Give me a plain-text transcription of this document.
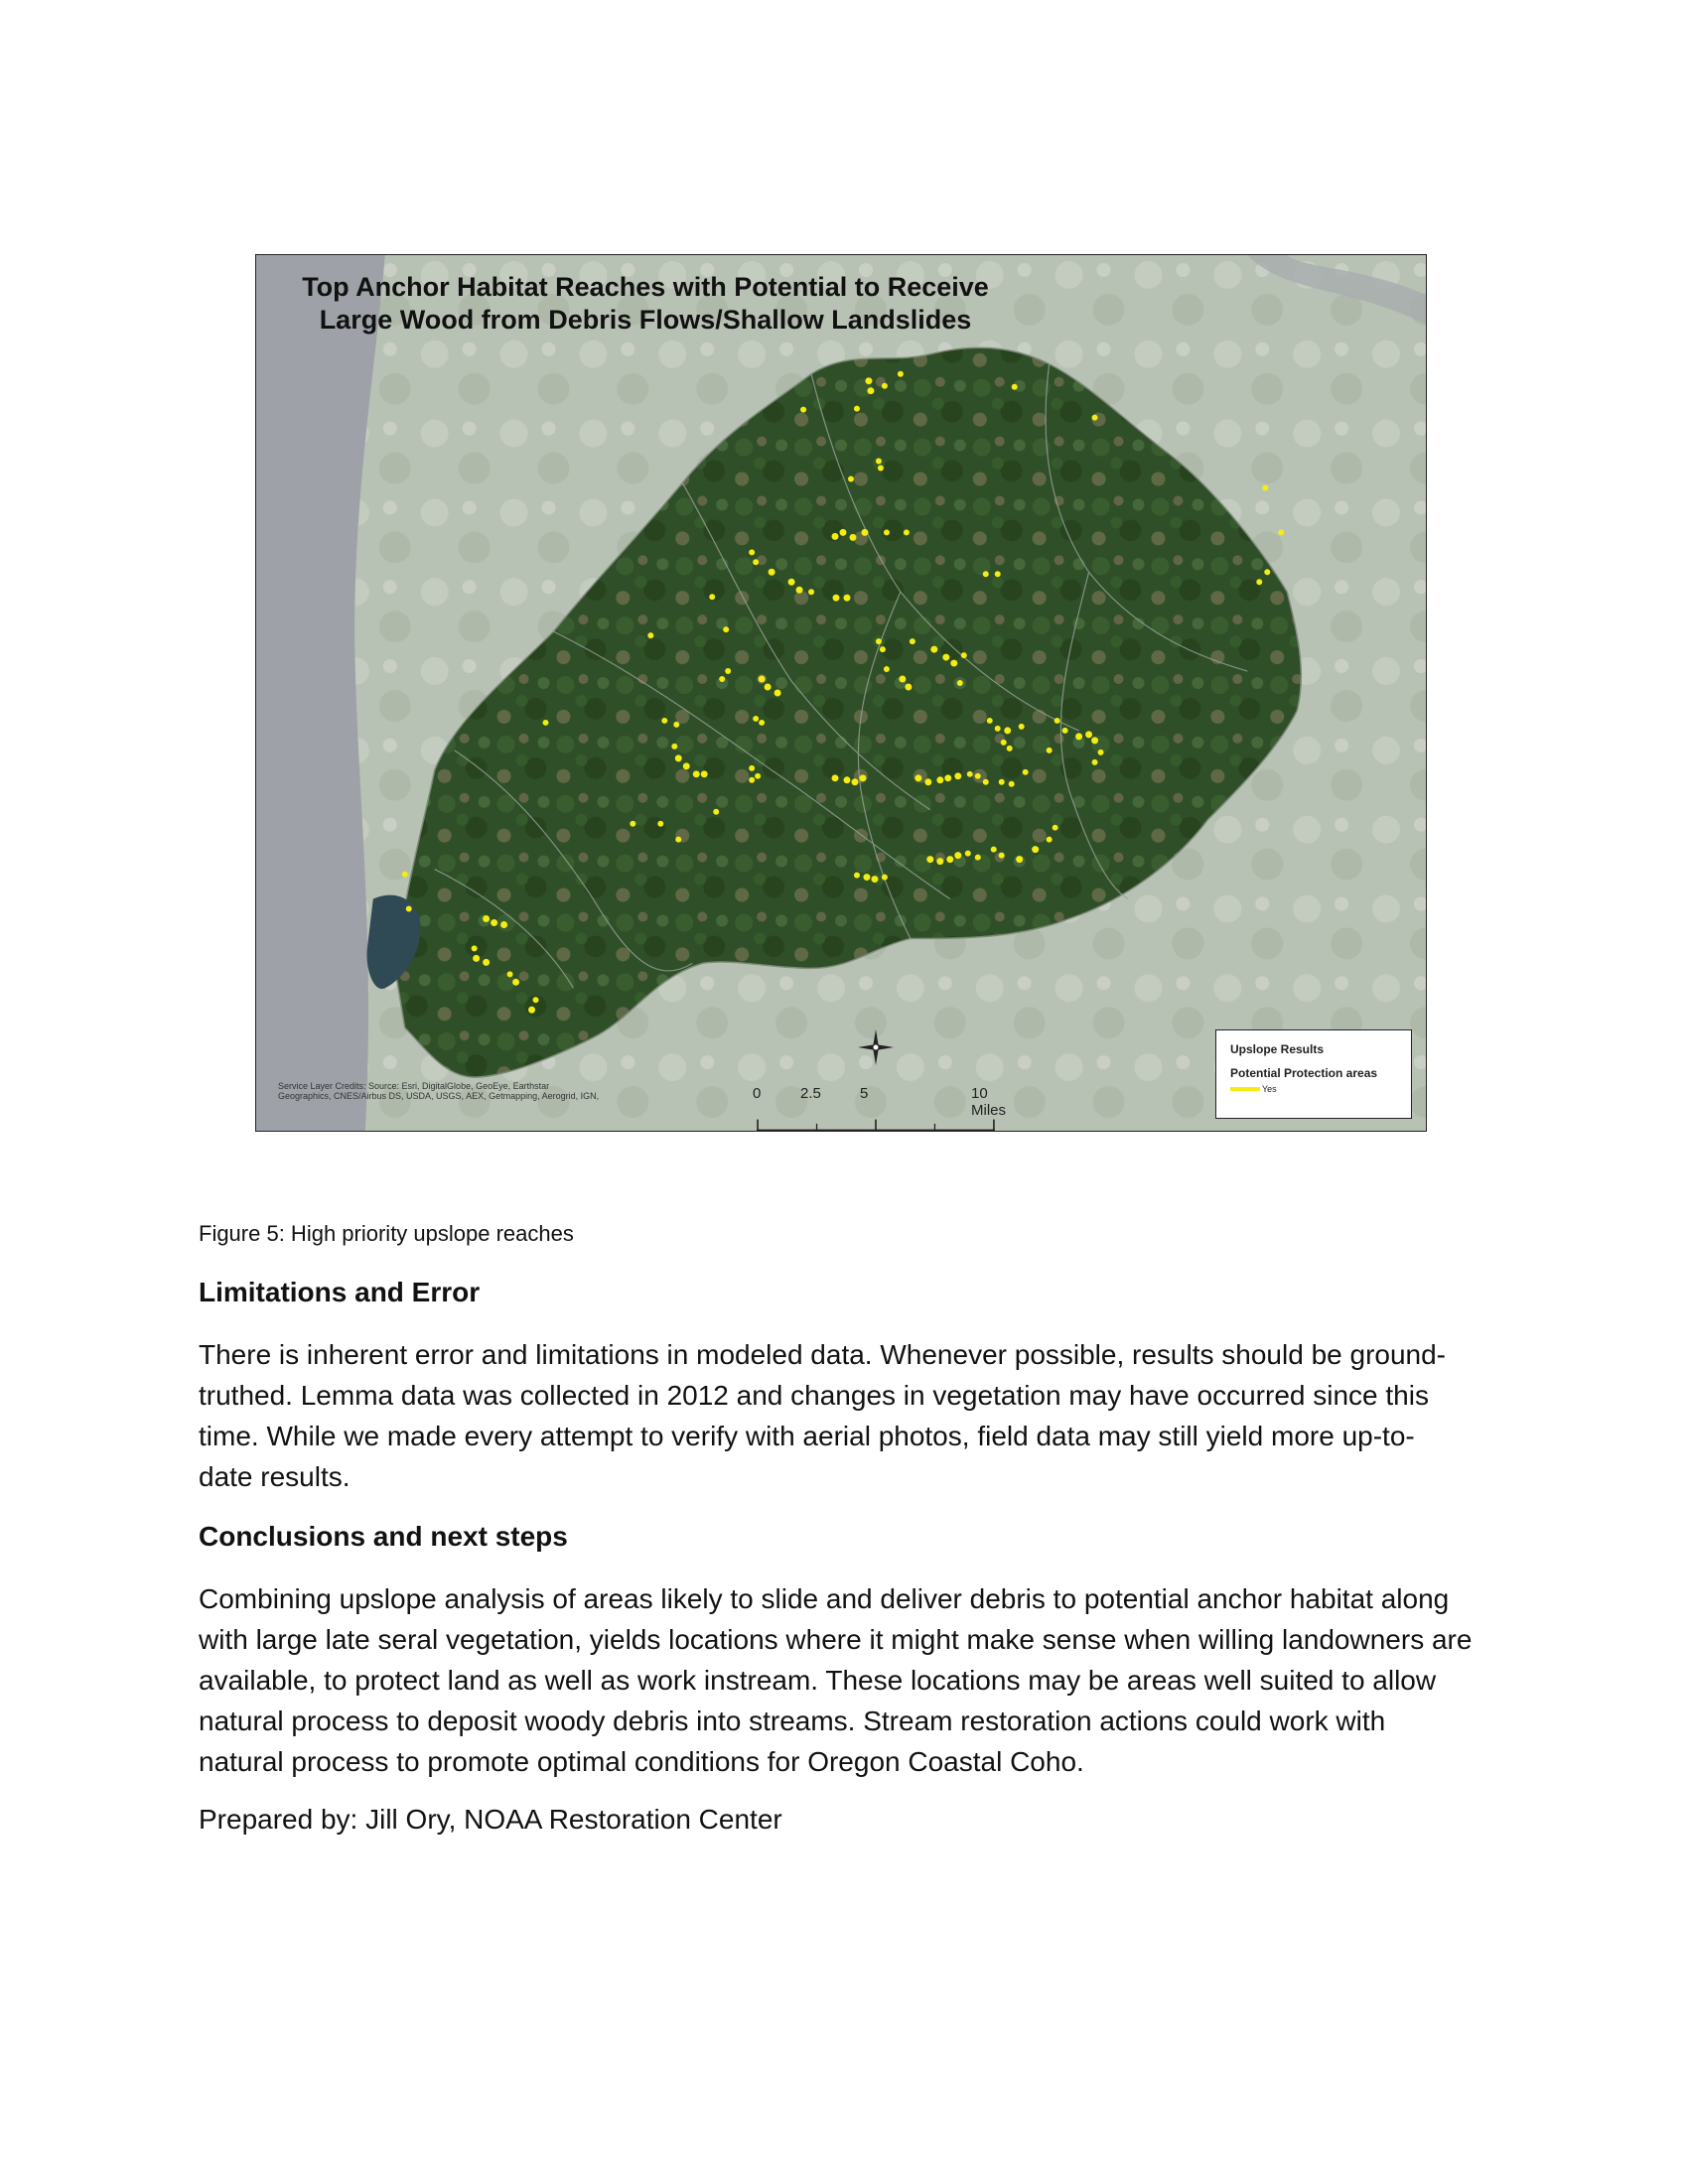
Top Anchor Habitat Reaches with Potential to Receive
Large Wood from Debris Flows/Shallow Landslides
Service Layer Credits: Source: Esri, DigitalGlobe, GeoEye, Earthstar
Geographics, CNES/Airbus DS, USDA, USGS, AEX, Getmapping, Aerogrid, IGN,	0	2.5	5	10 Miles
Upslope Results
Potential Protection areas
Yes
Figure 5: High priority upslope reaches
Limitations and Error
There is inherent error and limitations in modeled data. Whenever possible, results should be ground-
truthed. Lemma data was collected in 2012 and changes in vegetation may have occurred since this
time. While we made every attempt to verify with aerial photos, field data may still yield more up-to-
date results.
Conclusions and next steps
Combining upslope analysis of areas likely to slide and deliver debris to potential anchor habitat along
with large late seral vegetation, yields locations where it might make sense when willing landowners are
available, to protect land as well as work instream. These locations may be areas well suited to allow
natural process to deposit woody debris into streams. Stream restoration actions could work with
natural process to promote optimal conditions for Oregon Coastal Coho.
Prepared by: Jill Ory, NOAA Restoration Center
